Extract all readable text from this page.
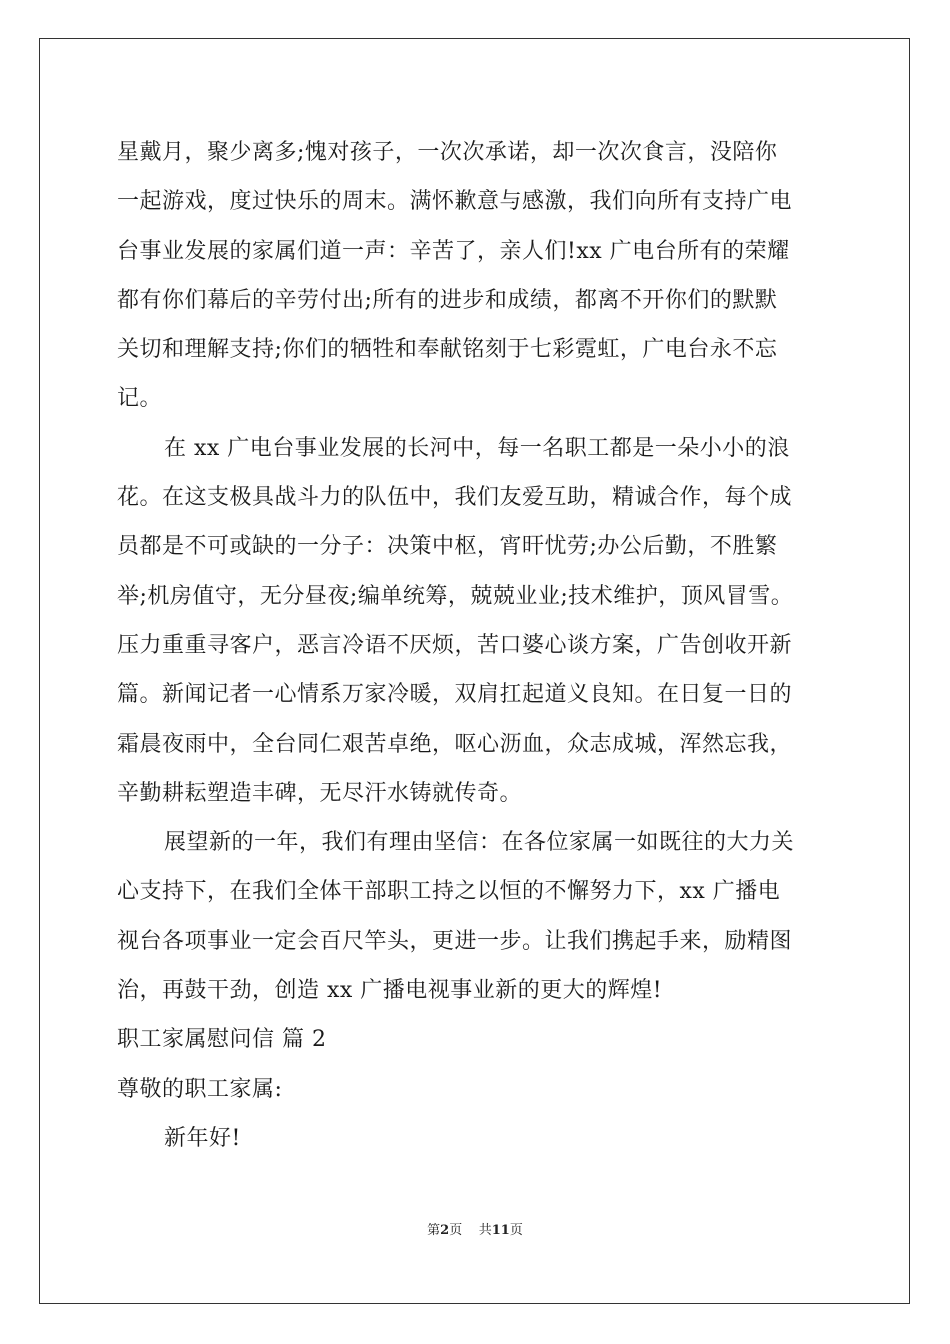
星戴月，聚少离多;愧对孩子，一次次承诺，却一次次食言，没陪你
一起游戏，度过快乐的周末。满怀歉意与感激，我们向所有支持广电
台事业发展的家属们道一声：辛苦了，亲人们!xx 广电台所有的荣耀
都有你们幕后的辛劳付出;所有的进步和成绩，都离不开你们的默默
关切和理解支持;你们的牺牲和奉献铭刻于七彩霓虹，广电台永不忘
记。
在 xx 广电台事业发展的长河中，每一名职工都是一朵小小的浪
花。在这支极具战斗力的队伍中，我们友爱互助，精诚合作，每个成
员都是不可或缺的一分子：决策中枢，宵旰忧劳;办公后勤，不胜繁
举;机房值守，无分昼夜;编单统筹，兢兢业业;技术维护，顶风冒雪。
压力重重寻客户，恶言冷语不厌烦，苦口婆心谈方案，广告创收开新
篇。新闻记者一心情系万家冷暖，双肩扛起道义良知。在日复一日的
霜晨夜雨中，全台同仁艰苦卓绝，呕心沥血，众志成城，浑然忘我，
辛勤耕耘塑造丰碑，无尽汗水铸就传奇。
展望新的一年，我们有理由坚信：在各位家属一如既往的大力关
心支持下，在我们全体干部职工持之以恒的不懈努力下，xx 广播电
视台各项事业一定会百尺竿头，更进一步。让我们携起手来，励精图
治，再鼓干劲，创造 xx 广播电视事业新的更大的辉煌!
职工家属慰问信 篇 2
尊敬的职工家属:
新年好!
第2页 共11页
